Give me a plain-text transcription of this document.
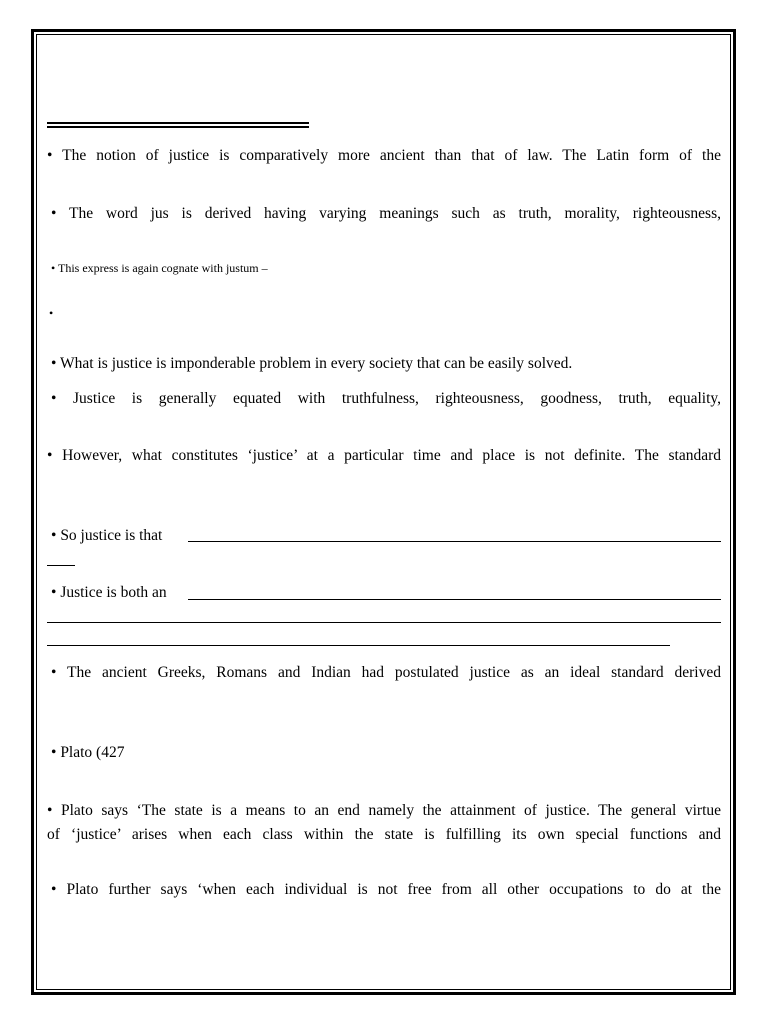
• The notion of justice is comparatively more ancient than that of law. The Latin form of the
• The word jus is derived having varying meanings such as truth, morality, righteousness,
• This express is again cognate with justum –
•
• What is justice is imponderable problem in every society that can be easily solved.
• Justice is generally equated with truthfulness, righteousness, goodness, truth, equality,
• However, what constitutes ‘justice’ at a particular time and place is not definite. The standard
• So justice is that
• Justice is both an
• The ancient Greeks, Romans and Indian had postulated justice as an ideal standard derived
• Plato (427
• Plato says ‘The state is a means to an end namely the attainment of justice. The general virtue
of ‘justice’ arises when each class within the state is fulfilling its own special functions and
• Plato further says ‘when each individual is not free from all other occupations to do at the
